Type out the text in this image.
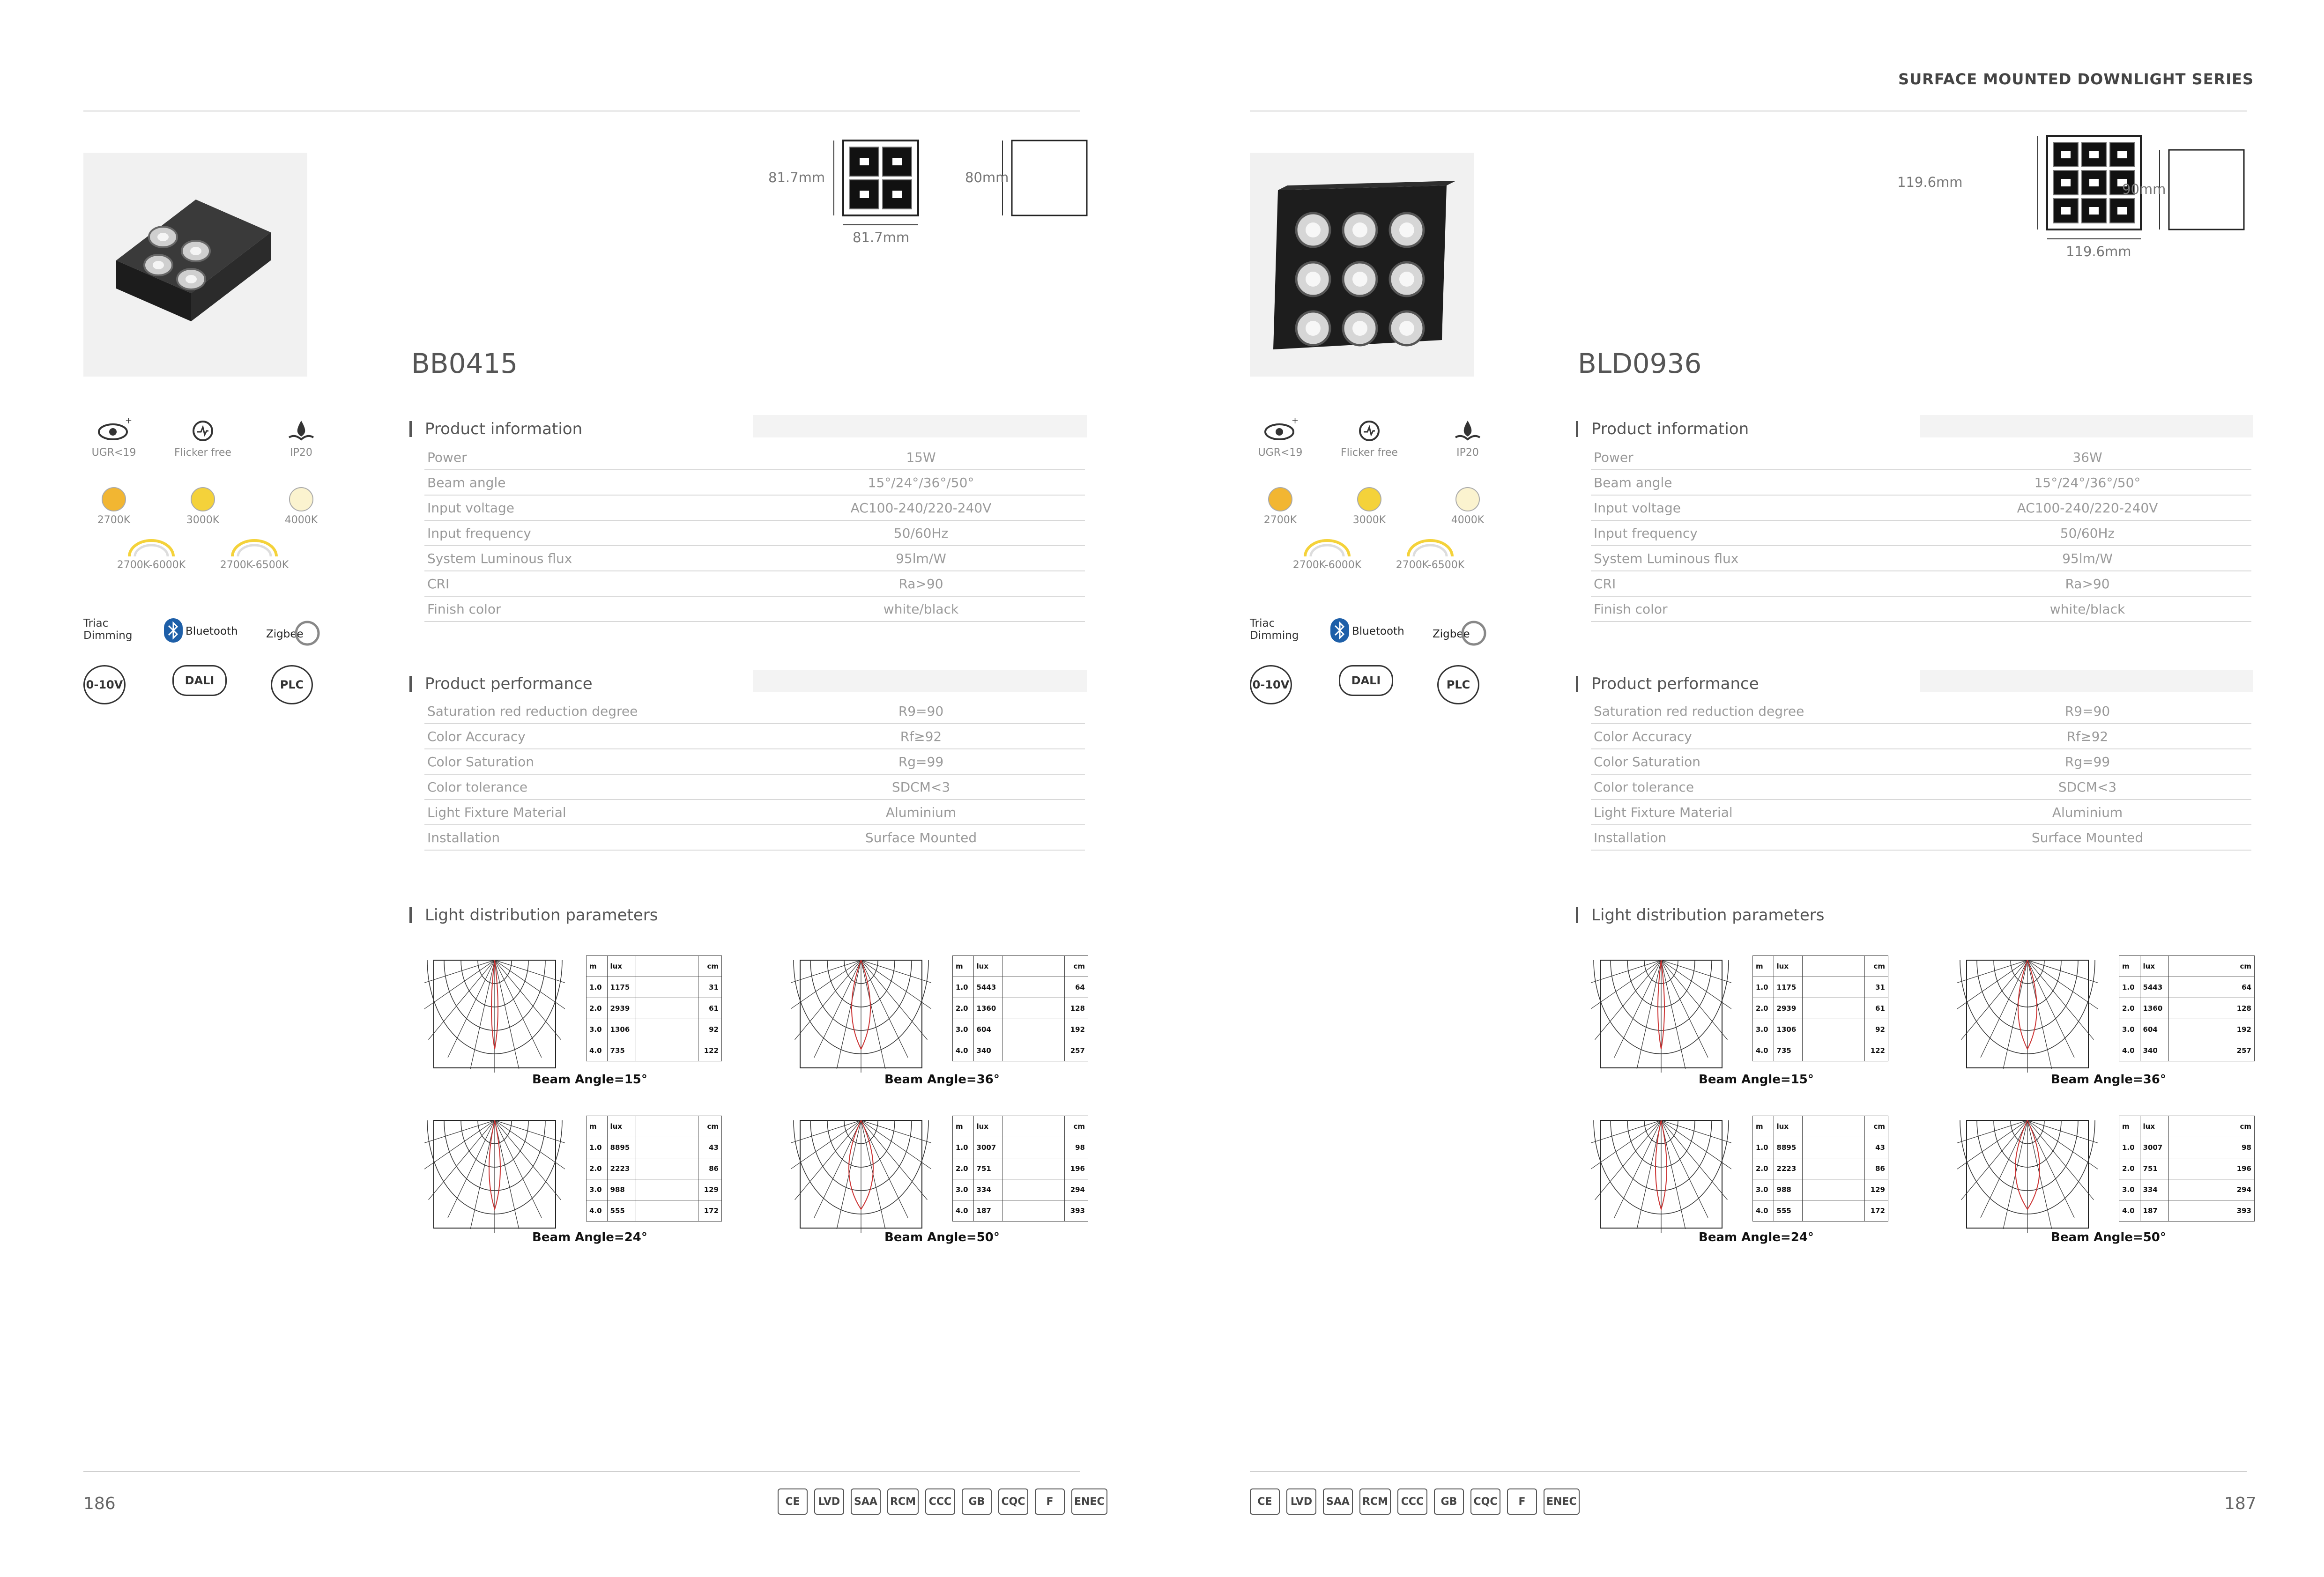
SURFACE MOUNTED DOWNLIGHT SERIES
186
81.7mm
81.7mm
80mm
BB0415
+
UGR<19	Flicker free	IP20
2700K	3000K	4000K
2700K-6000K	2700K-6500K
Triac Dimming	Bluetooth	Zigbee
0-10V	DALI	PLC
Product information
Power	15W
Beam angle	15°/24°/36°/50°
Input voltage	AC100-240/220-240V
Input frequency	50/60Hz
System Luminous flux	95lm/W
CRI	Ra>90
Finish color	white/black
Product performance
Saturation red reduction degree	R9=90
Color Accuracy	Rf≥92
Color Saturation	Rg=99
Color tolerance	SDCM<3
Light Fixture Material	Aluminium
Installation	Surface Mounted
Light distribution parameters
m	lux		cm
1.0	1175		31
2.0	2939		61
3.0	1306		92
4.0	735		122
Beam Angle=15°
m	lux		cm
1.0	5443		64
2.0	1360		128
3.0	604		192
4.0	340		257
Beam Angle=36°
m	lux		cm
1.0	8895		43
2.0	2223		86
3.0	988		129
4.0	555		172
Beam Angle=24°
m	lux		cm
1.0	3007		98
2.0	751		196
3.0	334		294
4.0	187		393
Beam Angle=50°
CE	LVD	SAA	RCM	CCC	GB	CQC	F	ENEC	187
119.6mm
119.6mm
90mm
BLD0936
+
UGR<19	Flicker free	IP20
2700K	3000K	4000K
2700K-6000K	2700K-6500K
Triac Dimming	Bluetooth	Zigbee
0-10V	DALI	PLC
Product information
Power	36W
Beam angle	15°/24°/36°/50°
Input voltage	AC100-240/220-240V
Input frequency	50/60Hz
System Luminous flux	95lm/W
CRI	Ra>90
Finish color	white/black
Product performance
Saturation red reduction degree	R9=90
Color Accuracy	Rf≥92
Color Saturation	Rg=99
Color tolerance	SDCM<3
Light Fixture Material	Aluminium
Installation	Surface Mounted
Light distribution parameters
m	lux		cm
1.0	1175		31
2.0	2939		61
3.0	1306		92
4.0	735		122
Beam Angle=15°
m	lux		cm
1.0	5443		64
2.0	1360		128
3.0	604		192
4.0	340		257
Beam Angle=36°
m	lux		cm
1.0	8895		43
2.0	2223		86
3.0	988		129
4.0	555		172
Beam Angle=24°
m	lux		cm
1.0	3007		98
2.0	751		196
3.0	334		294
4.0	187		393
Beam Angle=50°
CE	LVD	SAA	RCM	CCC	GB	CQC	F	ENEC
